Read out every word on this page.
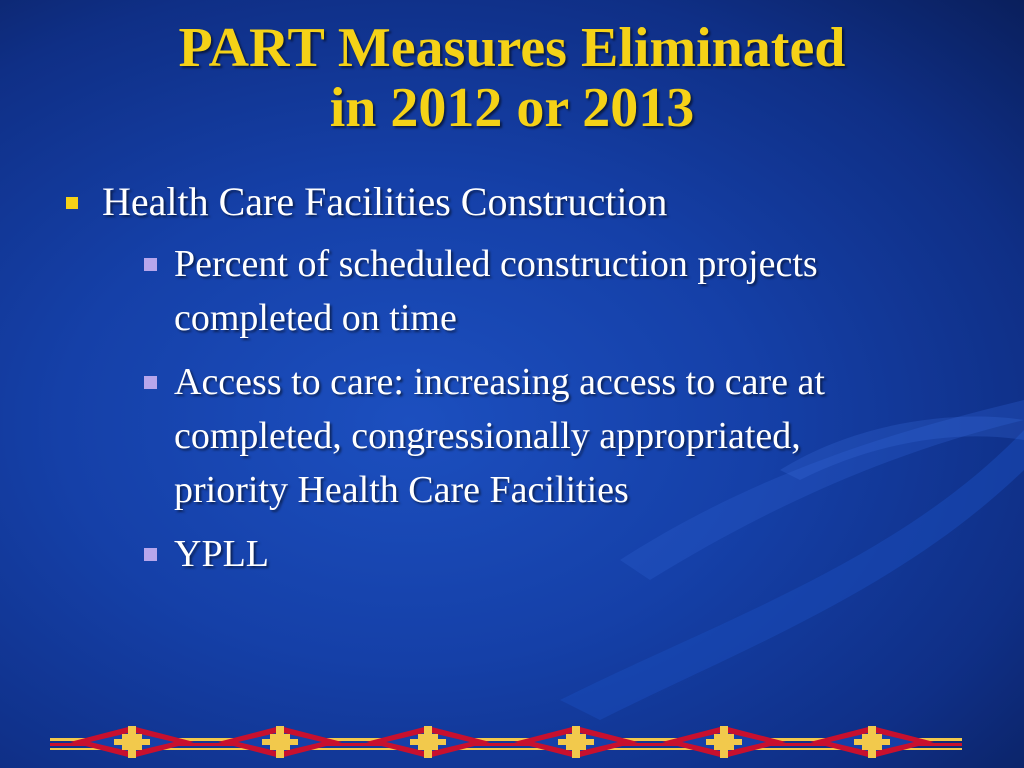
PART Measures Eliminated
in 2012 or 2013
Health Care Facilities Construction
Percent of scheduled construction projects completed on time
Access to care: increasing access to care at completed, congressionally appropriated, priority Health Care Facilities
YPLL
